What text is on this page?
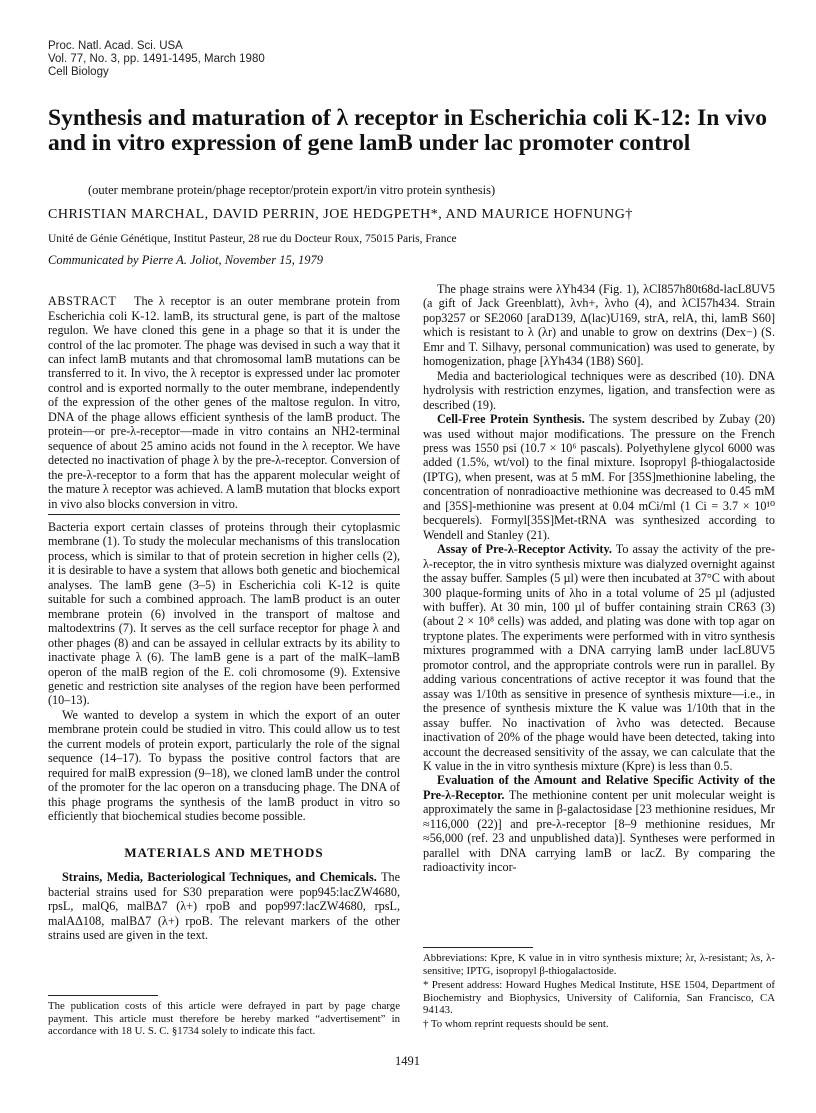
Proc. Natl. Acad. Sci. USA
Vol. 77, No. 3, pp. 1491-1495, March 1980
Cell Biology
Synthesis and maturation of λ receptor in Escherichia coli K-12: In vivo and in vitro expression of gene lamB under lac promoter control
(outer membrane protein/phage receptor/protein export/in vitro protein synthesis)
CHRISTIAN MARCHAL, DAVID PERRIN, JOE HEDGPETH*, AND MAURICE HOFNUNG†
Unité de Génie Génétique, Institut Pasteur, 28 rue du Docteur Roux, 75015 Paris, France
Communicated by Pierre A. Joliot, November 15, 1979

ABSTRACT The λ receptor is an outer membrane protein from Escherichia coli K-12. lamB, its structural gene, is part of the maltose regulon. We have cloned this gene in a phage so that it is under the control of the lac promoter. The phage was devised in such a way that it can infect lamB mutants and that chromosomal lamB mutations can be transferred to it. In vivo, the λ receptor is expressed under lac promoter control and is exported normally to the outer membrane, independently of the expression of the other genes of the maltose regulon. In vitro, DNA of the phage allows efficient synthesis of the lamB product. The protein—or pre-λ-receptor—made in vitro contains an NH2-terminal sequence of about 25 amino acids not found in the λ receptor. We have detected no inactivation of phage λ by the pre-λ-receptor. Conversion of the pre-λ-receptor to a form that has the apparent molecular weight of the mature λ receptor was achieved. A lamB mutation that blocks export in vivo also blocks conversion in vitro.

Bacteria export certain classes of proteins through their cytoplasmic membrane (1). To study the molecular mechanisms of this translocation process, which is similar to that of protein secretion in higher cells (2), it is desirable to have a system that allows both genetic and biochemical analyses. The lamB gene (3–5) in Escherichia coli K-12 is quite suitable for such a combined approach. The lamB product is an outer membrane protein (6) involved in the transport of maltose and maltodextrins (7). It serves as the cell surface receptor for phage λ and other phages (8) and can be assayed in cellular extracts by its ability to inactivate phage λ (6). The lamB gene is a part of the malK–lamB operon of the malB region of the E. coli chromosome (9). Extensive genetic and restriction site analyses of the region have been performed (10–13).

We wanted to develop a system in which the export of an outer membrane protein could be studied in vitro. This could allow us to test the current models of protein export, particularly the role of the signal sequence (14–17). To bypass the positive control factors that are required for malB expression (9–18), we cloned lamB under the control of the promoter for the lac operon on a transducing phage. The DNA of this phage programs the synthesis of the lamB product in vitro so efficiently that biochemical studies become possible.

MATERIALS AND METHODS

Strains, Media, Bacteriological Techniques, and Chemicals. The bacterial strains used for S30 preparation were pop945:lacZW4680, rpsL, malQ6, malBΔ7 (λ+) rpoB and pop997:lacZW4680, rpsL, malAΔ108, malBΔ7 (λ+) rpoB. The relevant markers of the other strains used are given in the text.

The publication costs of this article were defrayed in part by page charge payment. This article must therefore be hereby marked “advertisement” in accordance with 18 U. S. C. §1734 solely to indicate this fact.

The phage strains were λYh434 (Fig. 1), λCI857h80t68d-lacL8UV5 (a gift of Jack Greenblatt), λvh+, λvho (4), and λCI57h434. Strain pop3257 or SE2060 [araD139, Δ(lac)U169, strA, relA, thi, lamB S60] which is resistant to λ (λr) and unable to grow on dextrins (Dex−) (S. Emr and T. Silhavy, personal communication) was used to generate, by homogenization, phage [λYh434 (1B8) S60].

Media and bacteriological techniques were as described (10). DNA hydrolysis with restriction enzymes, ligation, and transfection were as described (19).

Cell-Free Protein Synthesis. The system described by Zubay (20) was used without major modifications. The pressure on the French press was 1550 psi (10.7 × 10⁶ pascals). Polyethylene glycol 6000 was added (1.5%, wt/vol) to the final mixture. Isopropyl β-thiogalactoside (IPTG), when present, was at 5 mM. For [35S]methionine labeling, the concentration of nonradioactive methionine was decreased to 0.45 mM and [35S]-methionine was present at 0.04 mCi/ml (1 Ci = 3.7 × 10¹⁰ becquerels). Formyl[35S]Met-tRNA was synthesized according to Wendell and Stanley (21).

Assay of Pre-λ-Receptor Activity. To assay the activity of the pre-λ-receptor, the in vitro synthesis mixture was dialyzed overnight against the assay buffer. Samples (5 µl) were then incubated at 37°C with about 300 plaque-forming units of λho in a total volume of 25 µl (adjusted with buffer). At 30 min, 100 µl of buffer containing strain CR63 (3) (about 2 × 10⁸ cells) was added, and plating was done with top agar on tryptone plates. The experiments were performed with in vitro synthesis mixtures programmed with a DNA carrying lamB under lacL8UV5 promotor control, and the appropriate controls were run in parallel. By adding various concentrations of active receptor it was found that the assay was 1/10th as sensitive in presence of synthesis mixture—i.e., in the presence of synthesis mixture the K value was 1/10th that in the assay buffer. No inactivation of λvho was detected. Because inactivation of 20% of the phage would have been detected, taking into account the decreased sensitivity of the assay, we can calculate that the K value in the in vitro synthesis mixture (Kpre) is less than 0.5.

Evaluation of the Amount and Relative Specific Activity of the Pre-λ-Receptor. The methionine content per unit molecular weight is approximately the same in β-galactosidase [23 methionine residues, Mr ≈116,000 (22)] and pre-λ-receptor [8–9 methionine residues, Mr ≈56,000 (ref. 23 and unpublished data)]. Syntheses were performed in parallel with DNA carrying lamB or lacZ. By comparing the radioactivity incor-

Abbreviations: Kpre, K value in in vitro synthesis mixture; λr, λ-resistant; λs, λ-sensitive; IPTG, isopropyl β-thiogalactoside.
* Present address: Howard Hughes Medical Institute, HSE 1504, Department of Biochemistry and Biophysics, University of California, San Francisco, CA 94143.
† To whom reprint requests should be sent.
1491
